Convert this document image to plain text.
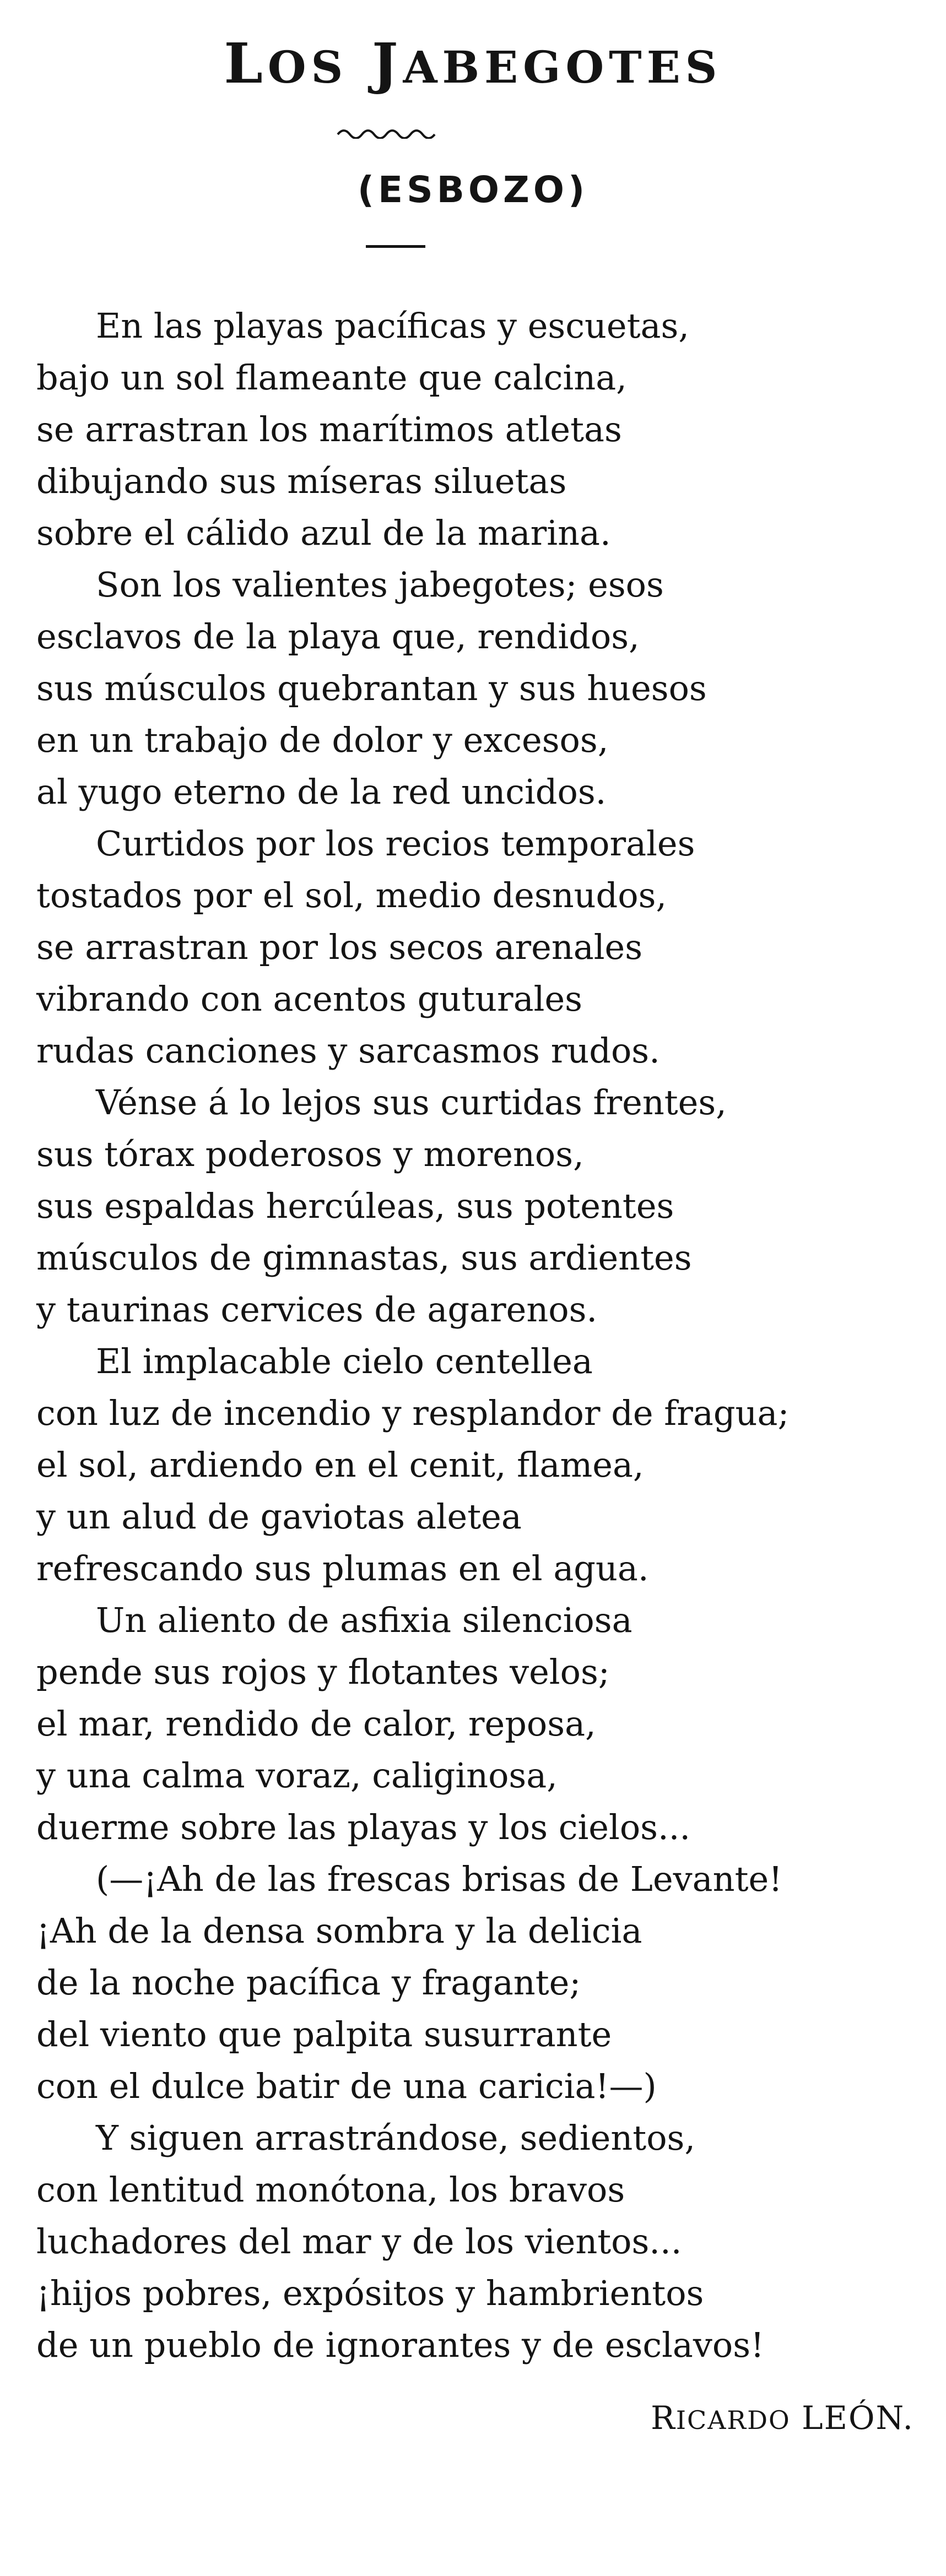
LOS JABEGOTES
(ESBOZO)

En las playas pacíficas y escuetas,
bajo un sol flameante que calcina,
se arrastran los marítimos atletas
dibujando sus míseras siluetas
sobre el cálido azul de la marina.

Son los valientes jabegotes; esos
esclavos de la playa que, rendidos,
sus músculos quebrantan y sus huesos
en un trabajo de dolor y excesos,
al yugo eterno de la red uncidos.

Curtidos por los recios temporales
tostados por el sol, medio desnudos,
se arrastran por los secos arenales
vibrando con acentos guturales
rudas canciones y sarcasmos rudos.

Vénse á lo lejos sus curtidas frentes,
sus tórax poderosos y morenos,
sus espaldas hercúleas, sus potentes
músculos de gimnastas, sus ardientes
y taurinas cervices de agarenos.

El implacable cielo centellea
con luz de incendio y resplandor de fragua;
el sol, ardiendo en el cenit, flamea,
y un alud de gaviotas aletea
refrescando sus plumas en el agua.

Un aliento de asfixia silenciosa
pende sus rojos y flotantes velos;
el mar, rendido de calor, reposa,
y una calma voraz, caliginosa,
duerme sobre las playas y los cielos...

(—¡Ah de las frescas brisas de Levante!
¡Ah de la densa sombra y la delicia
de la noche pacífica y fragante;
del viento que palpita susurrante
con el dulce batir de una caricia!—)

Y siguen arrastrándose, sedientos,
con lentitud monótona, los bravos
luchadores del mar y de los vientos...
¡hijos pobres, expósitos y hambrientos
de un pueblo de ignorantes y de esclavos!

RICARDO LEÓN.
